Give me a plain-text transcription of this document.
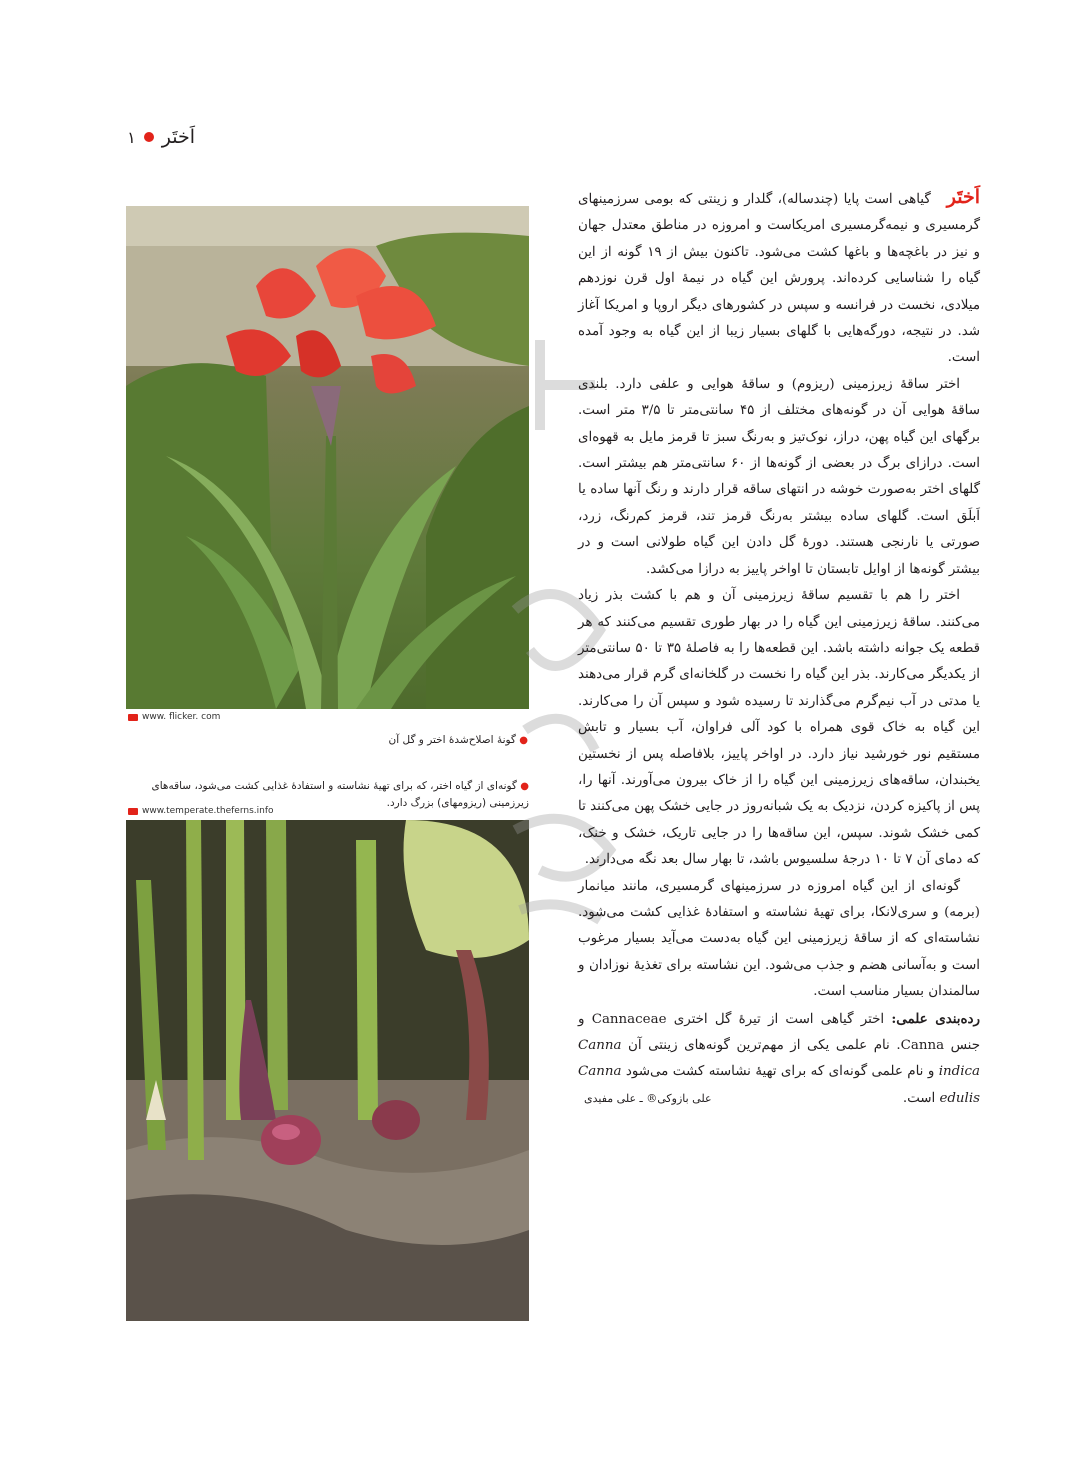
اَختَر
۱
www. flicker. com
● گونهٔ اصلاح‌شدهٔ اختر و گل آن
● گونه‌ای از گیاه اختر، که برای تهیهٔ نشاسته و استفادهٔ غذایی کشت می‌شود، ساقه‌های زیرزمینی (ریزومهای) بزرگ دارد.
www.temperate.theferns.info

اَختَر   گیاهی است پایا (چندساله)، گلدار و زینتی که بومی سرزمینهای گرمسیری و نیمه‌گرمسیری امریکاست و امروزه در مناطق معتدل جهان و نیز در باغچه‌ها و باغها کشت می‌شود. تاکنون بیش از ۱۹ گونه از این گیاه را شناسایی کرده‌اند. پرورش این گیاه در نیمهٔ اول قرن نوزدهم میلادی، نخست در فرانسه و سپس در کشورهای دیگر اروپا و امریکا آغاز شد. در نتیجه، دورگه‌هایی با گلهای بسیار زیبا از این گیاه به وجود آمده است.

اختر ساقهٔ زیرزمینی (ریزوم) و ساقهٔ هوایی و علفی دارد. بلندی ساقهٔ هوایی آن در گونه‌های مختلف از ۴۵ سانتی‌متر تا ۳/۵ متر است. برگهای این گیاه پهن، دراز، نوک‌تیز و به‌رنگ سبز تا قرمز مایل به قهوه‌ای است. درازای برگ در بعضی از گونه‌ها از ۶۰ سانتی‌متر هم بیشتر است. گلهای اختر به‌صورت خوشه در انتهای ساقه قرار دارند و رنگ آنها ساده یا اَبلَق است. گلهای ساده بیشتر به‌رنگ قرمز تند، قرمز کم‌رنگ، زرد، صورتی یا نارنجی هستند. دورهٔ گل دادن این گیاه طولانی است و در بیشتر گونه‌ها از اوایل تابستان تا اواخر پاییز به درازا می‌کشد.

اختر را هم با تقسیم ساقهٔ زیرزمینی آن و هم با کشت بذر زیاد می‌کنند. ساقهٔ زیرزمینی این گیاه را در بهار طوری تقسیم می‌کنند که هر قطعه یک جوانه داشته باشد. این قطعه‌ها را به فاصلهٔ ۳۵ تا ۵۰ سانتی‌متر از یکدیگر می‌کارند. بذر این گیاه را نخست در گلخانه‌ای گرم قرار می‌دهند یا مدتی در آب نیم‌گرم می‌گذارند تا رسیده شود و سپس آن را می‌کارند. این گیاه به خاک قوی همراه با کود آلی فراوان، آب بسیار و تابش مستقیم نور خورشید نیاز دارد. در اواخر پاییز، بلافاصله پس از نخستین یخبندان، ساقه‌های زیرزمینی این گیاه را از خاک بیرون می‌آورند. آنها را، پس از پاکیزه کردن، نزدیک به یک شبانه‌روز در جایی خشک پهن می‌کنند تا کمی خشک شوند. سپس، این ساقه‌ها را در جایی تاریک، خشک و خنک، که دمای آن ۷ تا ۱۰ درجهٔ سلسیوس باشد، تا بهار سال بعد نگه می‌دارند.

گونه‌ای از این گیاه امروزه در سرزمینهای گرمسیری، مانند میانمار (برمه) و سری‌لانکا، برای تهیهٔ نشاسته و استفادهٔ غذایی کشت می‌شود. نشاسته‌ای که از ساقهٔ زیرزمینی این گیاه به‌دست می‌آید بسیار مرغوب است و به‌آسانی هضم و جذب می‌شود. این نشاسته برای تغذیهٔ نوزادان و سالمندان بسیار مناسب است.

رده‌بندی علمی: اختر گیاهی است از تیرهٔ گل اختری Cannaceae و جنس Canna. نام علمی یکی از مهم‌ترین گونه‌های زینتی آن Canna indica و نام علمی گونه‌ای که برای تهیهٔ نشاسته کشت می‌شود Canna edulis است.
علی بازوکی® ـ علی مفیدی
